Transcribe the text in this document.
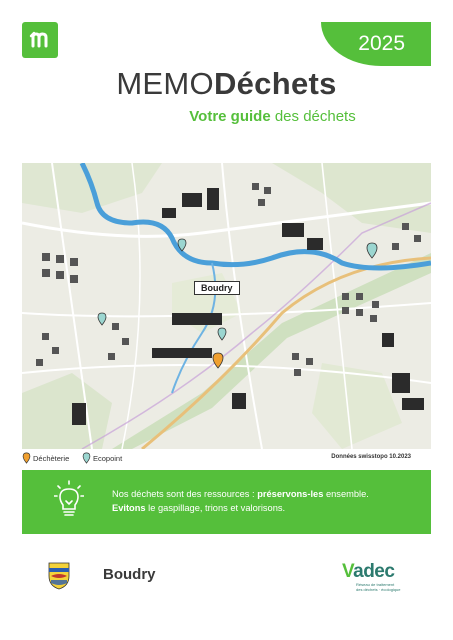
2025
MEMODéchets
Votre guide des déchets
Boudry
Déchèterie	Ecopoint	Données swisstopo 10.2023
Nos déchets sont des ressources : préservons-les ensemble.
Evitons le gaspillage, trions et valorisons.
Boudry	Vadec
Réseau de traitement
des déchets · écologique
